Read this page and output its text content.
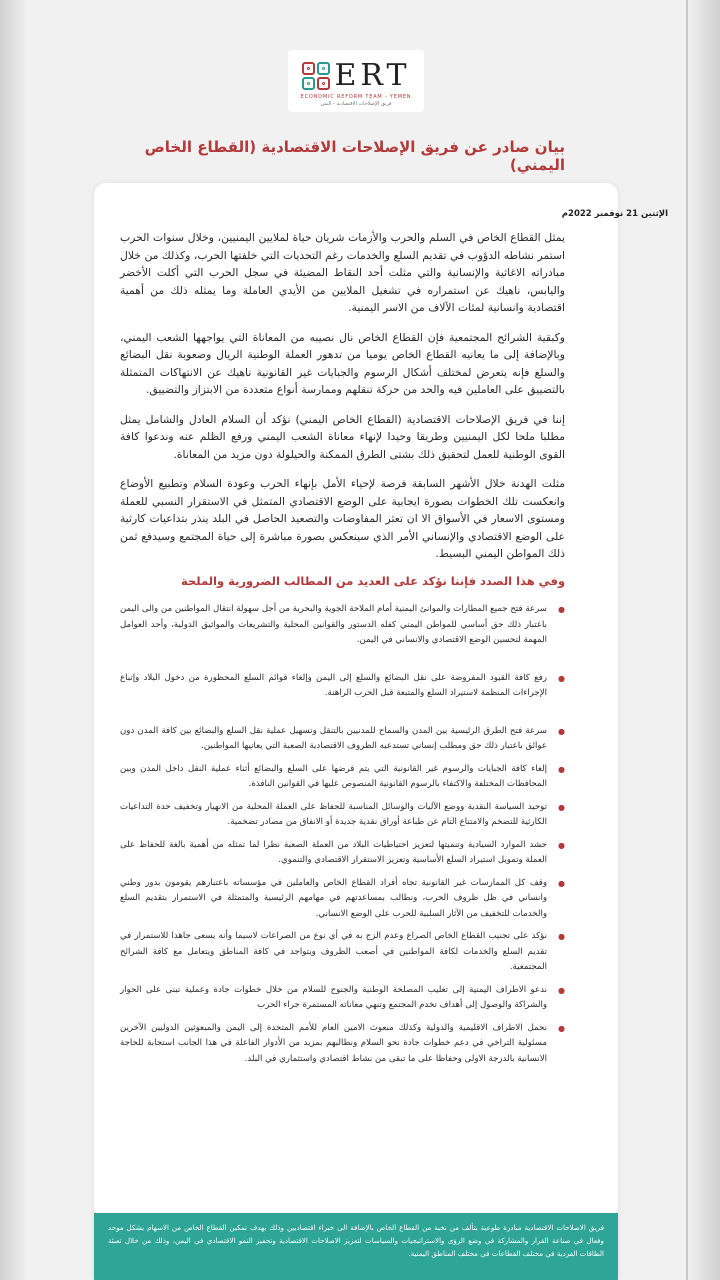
ERT
ECONOMIC REFORM TEAM - YEMEN
فريق الإصلاحات الاقتصادية - اليمن
بيان صادر عن فريق الإصلاحات الاقتصادية (القطاع الخاص اليمني)
الإثنين 21 نوفمبر 2022م

يمثل القطاع الخاص في السلم والحرب والأزمات شريان حياة لملايين اليمنيين، وخلال سنوات الحرب استمر نشاطه الدؤوب في تقديم السلع والخدمات رغم التحديات التي خلفتها الحرب، وكذلك من خلال مبادراته الاغاثية والإنسانية والتي مثلت أحد النقاط المضيئة في سجل الحرب التي أكلت الأخضر واليابس، ناهيك عن استمراره في تشغيل الملايين من الأيدي العاملة وما يمثله ذلك من أهمية اقتصادية وانسانية لمئات الآلاف من الاسر اليمنية.

وكبقية الشرائح المجتمعية فإن القطاع الخاص نال نصيبه من المعاناة التي يواجهها الشعب اليمني، وبالإضافة إلى ما يعانيه القطاع الخاص يوميا من تدهور العملة الوطنية الريال وصعوبة نقل البضائع والسلع فإنه يتعرض لمختلف أشكال الرسوم والجبايات غير القانونية ناهيك عن الانتهاكات المتمثلة بالتضييق على العاملين فيه والحد من حركة تنقلهم وممارسة أنواع متعددة من الابتزاز والتضييق.

إننا في فريق الإصلاحات الاقتصادية (القطاع الخاص اليمني) نؤكد أن السلام العادل والشامل يمثل مطلبا ملحا لكل اليمنيين وطريقا وحيدا لإنهاء معاناة الشعب اليمني ورفع الظلم عنه وندعوا كافة القوى الوطنية للعمل لتحقيق ذلك بشتى الطرق الممكنة والحيلولة دون مزيد من المعاناة.

مثلت الهدنة خلال الأشهر السابقة فرصة لإحياء الأمل بإنهاء الحرب وعودة السلام وتطبيع الأوضاع وانعكست تلك الخطوات بصورة ايجابية على الوضع الاقتصادي المتمثل في الاستقرار النسبي للعملة ومستوى الاسعار في الأسواق الا ان تعثر المفاوضات والتصعيد الحاصل في البلد ينذر بتداعيات كارثية على الوضع الاقتصادي والإنساني الأمر الذي سينعكس بصورة مباشرة إلى حياة المجتمع وسيدفع ثمن ذلك المواطن اليمني البسيط.

وفي هذا الصدد فإننا نؤكد على العديد من المطالب الضرورية والملحة
● سرعة فتح جميع المطارات والموانئ اليمنية أمام الملاحة الجوية والبحرية من أجل سهولة انتقال المواطنين من والى اليمن باعتبار ذلك حق أساسي للمواطن اليمني كفله الدستور والقوانين المحلية والتشريعات والمواثيق الدولية، وأحد العوامل المهمة لتحسين الوضع الاقتصادي والانساني في اليمن.
● رفع كافة القيود المفروضة على نقل البضائع والسلع إلى اليمن وإلغاء قوائم السلع المحظورة من دخول البلاد وإتباع الإجراءات المنظمة لاستيراد السلع والمتبعة قبل الحرب الراهنة.
● سرعة فتح الطرق الرئيسية بين المدن والسماح للمدنيين بالتنقل وتسهيل عملية نقل السلع والبضائع بين كافة المدن دون عوائق باعتبار ذلك حق ومطلب إنساني تستدعيه الظروف الاقتصادية الصعبة التي يعانيها المواطنين.
● إلغاء كافة الجبايات والرسوم غير القانونية التي يتم فرضها على السلع والبضائع أثناء عملية النقل داخل المدن وبين المحافظات المختلفة والاكتفاء بالرسوم القانونية المنصوص عليها في القوانين النافذة.
● توحيد السياسة النقدية ووضع الآليات والوسائل المناسبة للحفاظ على العملة المحلية من الانهيار وتخفيف حدة التداعيات الكارثية للتضخم والامتناع التام عن طباعة أوراق نقدية جديدة أو الانفاق من مصادر تضخمية.
● حشد الموارد السيادية وتنميتها لتعزيز احتياطيات البلاد من العملة الصعبة نظرا لما تمثله من أهمية بالغة للحفاظ على العملة وتمويل استيراد السلع الأساسية وتعزيز الاستقرار الاقتصادي والتنموي.
● وقف كل الممارسات غير القانونية تجاه أفراد القطاع الخاص والعاملين في مؤسساته باعتبارهم يقومون بدور وطني وانساني في ظل ظروف الحرب، ونطالب بمساعدتهم في مهامهم الرئيسية والمتمثلة في الاستمرار بتقديم السلع والخدمات للتخفيف من الآثار السلبية للحرب على الوضع الانساني.
● نؤكد على تجنيب القطاع الخاص الصراع وعدم الزج به في أي نوع من الصراعات لاسيما وأنه يسعى جاهدا للاستمرار في تقديم السلع والخدمات لكافة المواطنين في أصعب الظروف ويتواجد في كافة المناطق ويتعامل مع كافة الشرائح المجتمعية.
● ندعو الاطراف اليمنية إلى تغليب المصلحة الوطنية والجنوح للسلام من خلال خطوات جادة وعملية تبنى على الحوار والشراكة والوصول إلى أهداف تخدم المجتمع وتنهي معاناته المستمرة جراء الحرب
● نحمل الاطراف الاقليمية والدولية وكذلك مبعوث الامين العام للأمم المتحدة إلى اليمن والمبعوثين الدوليين الآخرين مسئولية التراخي في دعم خطوات جادة نحو السلام ونطالبهم بمزيد من الأدوار الفاعلة في هذا الجانب استجابة للحاجة الانسانية بالدرجة الاولى وحفاظا على ما تبقى من نشاط اقتصادي واستثماري في البلد.
فريق الاصلاحات الاقتصادية مبادرة طوعية يتألف من نخبة من القطاع الخاص بالإضافة الى خبراء اقتصاديين وذلك بهدف تمكين القطاع الخاص من الاسهام بشكل موحد وفعال في صناعة القرار والمشاركة في وضع الرؤى والاستراتيجيات والسياسات لتعزيز الاصلاحات الاقتصادية وتحفيز النمو الاقتصادي في اليمن، وذلك من خلال تعبئة الطاقات الفردية في مختلف القطاعات في مختلف المناطق اليمنية.
